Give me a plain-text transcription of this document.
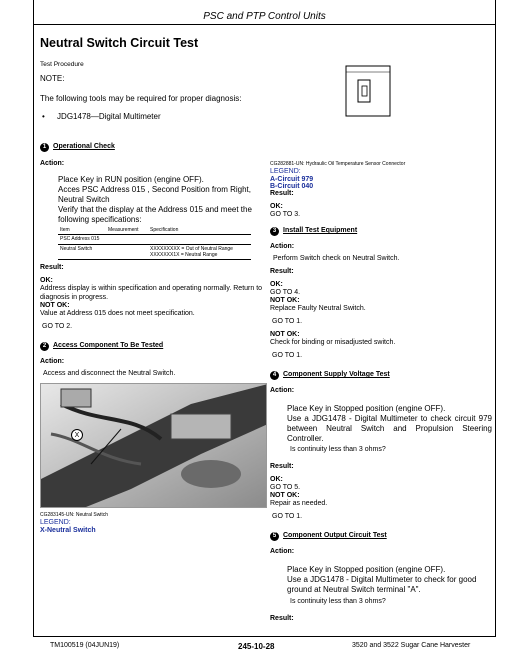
PSC and PTP Control Units
Neutral Switch Circuit Test
Test Procedure
NOTE:
The following tools may be required for proper diagnosis:
• JDG1478—Digital Multimeter
1 Operational Check
Action:
Place Key in RUN position (engine OFF).
Acces PSC Address 015 , Second Position from Right, Neutral Switch
Verify that the display at the Address 015 and meet the following specifications:
Item	Measurement	Specification
PSC Address 015		
Neutral Switch		XXXXXXXXX = Out of Neutral Range
XXXXXXX1X = Neutral Range
Result:
OK:
Address display is within specification and operating normally. Return to diagnosis in progress.
NOT OK:
Value at Address 015 does not meet specification.
GO TO 2.
2 Access Component To Be Tested
Action:
Access and disconnect the Neutral Switch.
X
CG283145-UN: Neutral Switch
LEGEND:
X-Neutral Switch
CG282881-UN: Hydraulic Oil Temperature Sensor Connector
LEGEND:
A-Circuit 979
B-Circuit 040
Result:
OK:
GO TO 3.
3 Install Test Equipment
Action:
Perform Switch check on Neutral Switch.
Result:
OK:
GO TO 4.
NOT OK:
Replace Faulty Neutral Switch.
GO TO 1.
NOT OK:
Check for binding or misadjusted switch.
GO TO 1.
4 Component Supply Voltage Test
Action:
Place Key in Stopped position (engine OFF).
Use a JDG1478 - Digital Multimeter to check circuit 979 between Neutral Switch and Propulsion Steering Controller.
Is continuity less than 3 ohms?
Result:
OK:
GO TO 5.
NOT OK:
Repair as needed.
GO TO 1.
5 Component Output Circuit Test
Action:
Place Key in Stopped position (engine OFF).
Use a JDG1478 - Digital Multimeter to check for good ground at Neutral Switch terminal "A".
Is continuity less than 3 ohms?
Result:
TM100519 (04JUN19)	245-10-28	3520 and 3522 Sugar Cane Harvester
